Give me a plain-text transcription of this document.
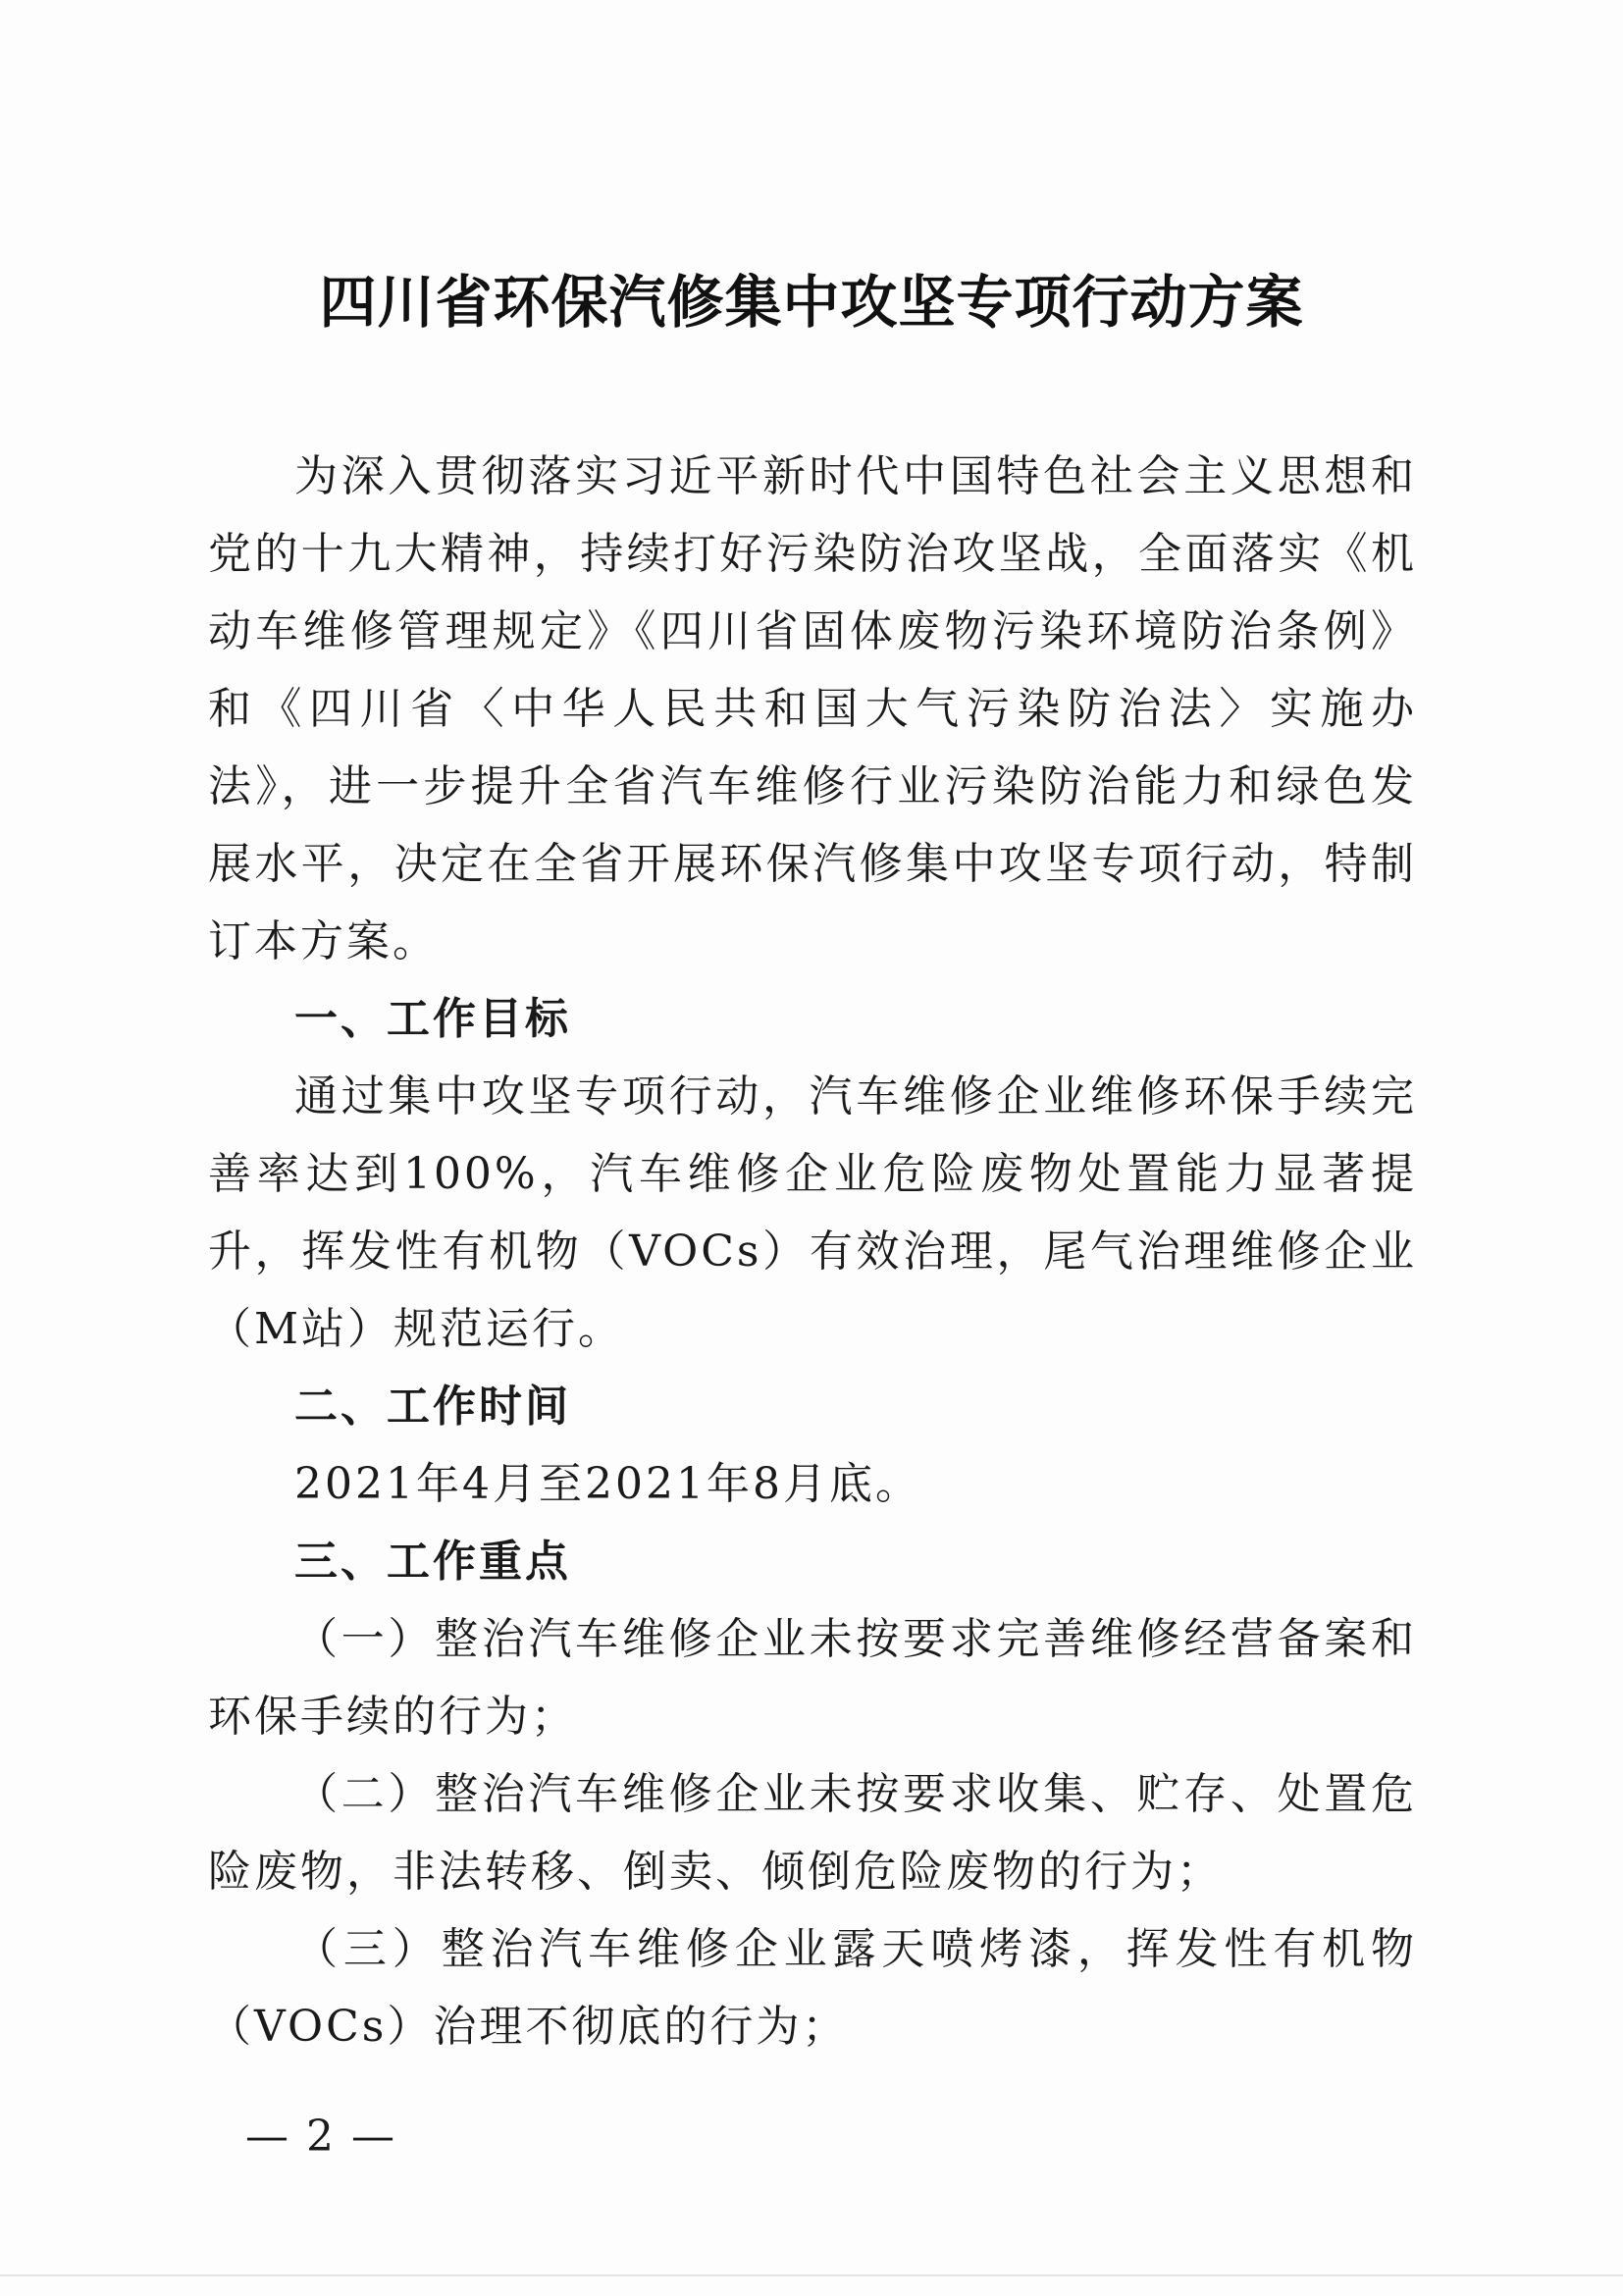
四川省环保汽修集中攻坚专项行动方案

为深入贯彻落实习近平新时代中国特色社会主义思想和党的十九大精神，持续打好污染防治攻坚战，全面落实《机动车维修管理规定》《四川省固体废物污染环境防治条例》和《四川省〈中华人民共和国大气污染防治法〉实施办法》，进一步提升全省汽车维修行业污染防治能力和绿色发展水平，决定在全省开展环保汽修集中攻坚专项行动，特制订本方案。

一、工作目标

通过集中攻坚专项行动，汽车维修企业维修环保手续完善率达到100%，汽车维修企业危险废物处置能力显著提升，挥发性有机物（VOCs）有效治理，尾气治理维修企业（M站）规范运行。

二、工作时间

2021年4月至2021年8月底。

三、工作重点

（一）整治汽车维修企业未按要求完善维修经营备案和环保手续的行为；

（二）整治汽车维修企业未按要求收集、贮存、处置危险废物，非法转移、倒卖、倾倒危险废物的行为；

（三）整治汽车维修企业露天喷烤漆，挥发性有机物（VOCs）治理不彻底的行为；

— 2 —
